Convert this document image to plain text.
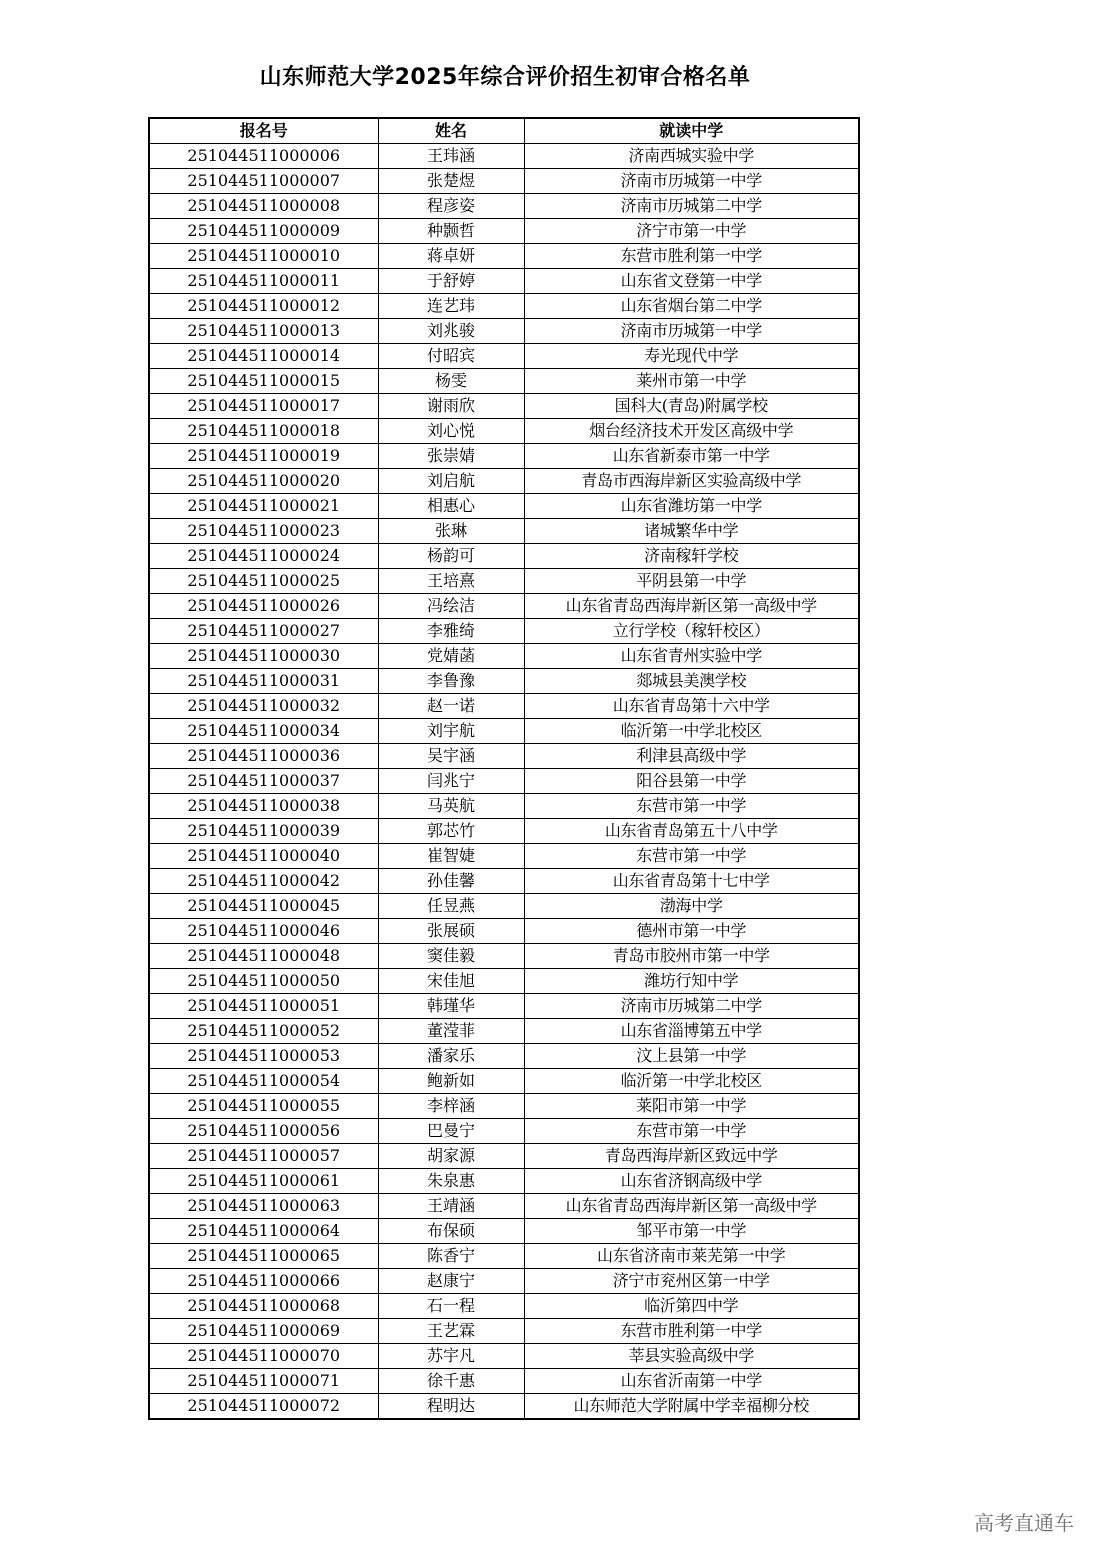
山东师范大学2025年综合评价招生初审合格名单
报名号	姓名	就读中学
251044511000006	王玮涵	济南西城实验中学
251044511000007	张楚煜	济南市历城第一中学
251044511000008	程彦姿	济南市历城第二中学
251044511000009	种颢哲	济宁市第一中学
251044511000010	蒋卓妍	东营市胜利第一中学
251044511000011	于舒婷	山东省文登第一中学
251044511000012	连艺玮	山东省烟台第二中学
251044511000013	刘兆骏	济南市历城第一中学
251044511000014	付昭宾	寿光现代中学
251044511000015	杨雯	莱州市第一中学
251044511000017	谢雨欣	国科大(青岛)附属学校
251044511000018	刘心悦	烟台经济技术开发区高级中学
251044511000019	张崇婧	山东省新泰市第一中学
251044511000020	刘启航	青岛市西海岸新区实验高级中学
251044511000021	相惠心	山东省潍坊第一中学
251044511000023	张琳	诸城繁华中学
251044511000024	杨韵可	济南稼轩学校
251044511000025	王培熹	平阴县第一中学
251044511000026	冯绘洁	山东省青岛西海岸新区第一高级中学
251044511000027	李雅绮	立行学校（稼轩校区）
251044511000030	党婧菡	山东省青州实验中学
251044511000031	李鲁豫	郯城县美澳学校
251044511000032	赵一诺	山东省青岛第十六中学
251044511000034	刘宇航	临沂第一中学北校区
251044511000036	吴宇涵	利津县高级中学
251044511000037	闫兆宁	阳谷县第一中学
251044511000038	马英航	东营市第一中学
251044511000039	郭芯竹	山东省青岛第五十八中学
251044511000040	崔智婕	东营市第一中学
251044511000042	孙佳馨	山东省青岛第十七中学
251044511000045	任昱燕	渤海中学
251044511000046	张展硕	德州市第一中学
251044511000048	窦佳毅	青岛市胶州市第一中学
251044511000050	宋佳旭	潍坊行知中学
251044511000051	韩瑾华	济南市历城第二中学
251044511000052	董滢菲	山东省淄博第五中学
251044511000053	潘家乐	汶上县第一中学
251044511000054	鲍新如	临沂第一中学北校区
251044511000055	李梓涵	莱阳市第一中学
251044511000056	巴曼宁	东营市第一中学
251044511000057	胡家源	青岛西海岸新区致远中学
251044511000061	朱泉惠	山东省济钢高级中学
251044511000063	王靖涵	山东省青岛西海岸新区第一高级中学
251044511000064	布保硕	邹平市第一中学
251044511000065	陈香宁	山东省济南市莱芜第一中学
251044511000066	赵康宁	济宁市兖州区第一中学
251044511000068	石一程	临沂第四中学
251044511000069	王艺霖	东营市胜利第一中学
251044511000070	苏宇凡	莘县实验高级中学
251044511000071	徐千惠	山东省沂南第一中学
251044511000072	程明达	山东师范大学附属中学幸福柳分校
高考直通车
